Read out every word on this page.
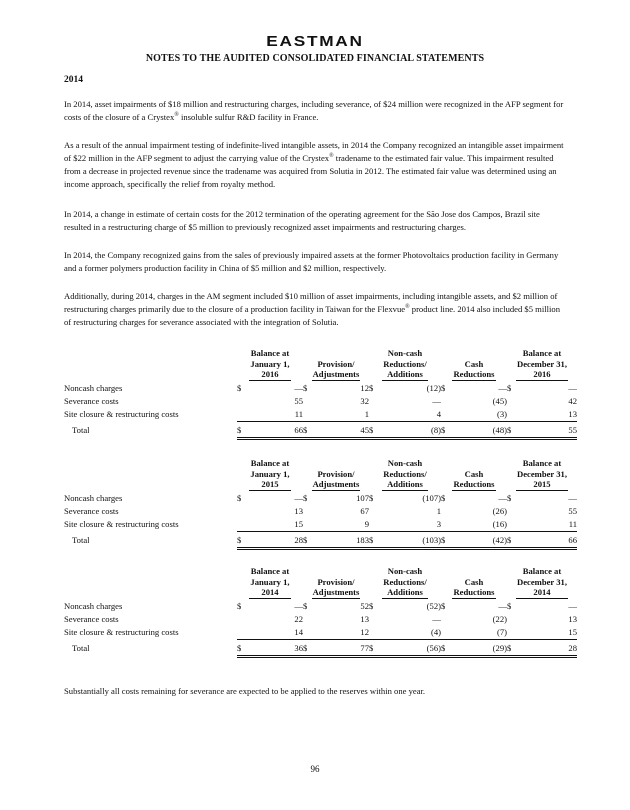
EASTMAN
NOTES TO THE AUDITED CONSOLIDATED FINANCIAL STATEMENTS
2014

In 2014, asset impairments of $18 million and restructuring charges, including severance, of $24 million were recognized in the AFP segment for costs of the closure of a Crystex® insoluble sulfur R&D facility in France.

As a result of the annual impairment testing of indefinite-lived intangible assets, in 2014 the Company recognized an intangible asset impairment of $22 million in the AFP segment to adjust the carrying value of the Crystex® tradename to the estimated fair value. This impairment resulted from a decrease in projected revenue since the tradename was acquired from Solutia in 2012. The estimated fair value was determined using an income approach, specifically the relief from royalty method.

In 2014, a change in estimate of certain costs for the 2012 termination of the operating agreement for the São Jose dos Campos, Brazil site resulted in a restructuring charge of $5 million to previously recognized asset impairments and restructuring charges.

In 2014, the Company recognized gains from the sales of previously impaired assets at the former Photovoltaics production facility in Germany and a former polymers production facility in China of $5 million and $2 million, respectively.

Additionally, during 2014, charges in the AM segment included $10 million of asset impairments, including intangible assets, and $2 million of restructuring charges primarily due to the closure of a production facility in Taiwan for the Flexvue® product line. 2014 also included $5 million of restructuring charges for severance associated with the integration of Solutia.

	Balance at
January 1,
2016		Provision/
Adjustments		Non-cash
Reductions/
Additions		Cash
Reductions		Balance at
December 31,
2016	
Noncash charges	$	—	$	12	$	(12)	$	—	$	—
Severance costs		55		32		—		(45)		42
Site closure & restructuring costs		11		1		4		(3)		13
Total	$	66	$	45	$	(8)	$	(48)	$	55
	Balance at
January 1,
2015		Provision/
Adjustments		Non-cash
Reductions/
Additions		Cash
Reductions		Balance at
December 31,
2015	
Noncash charges	$	—	$	107	$	(107)	$	—	$	—
Severance costs		13		67		1		(26)		55
Site closure & restructuring costs		15		9		3		(16)		11
Total	$	28	$	183	$	(103)	$	(42)	$	66
	Balance at
January 1,
2014		Provision/
Adjustments		Non-cash
Reductions/
Additions		Cash
Reductions		Balance at
December 31,
2014	
Noncash charges	$	—	$	52	$	(52)	$	—	$	—
Severance costs		22		13		—		(22)		13
Site closure & restructuring costs		14		12		(4)		(7)		15
Total	$	36	$	77	$	(56)	$	(29)	$	28
Substantially all costs remaining for severance are expected to be applied to the reserves within one year.
96
